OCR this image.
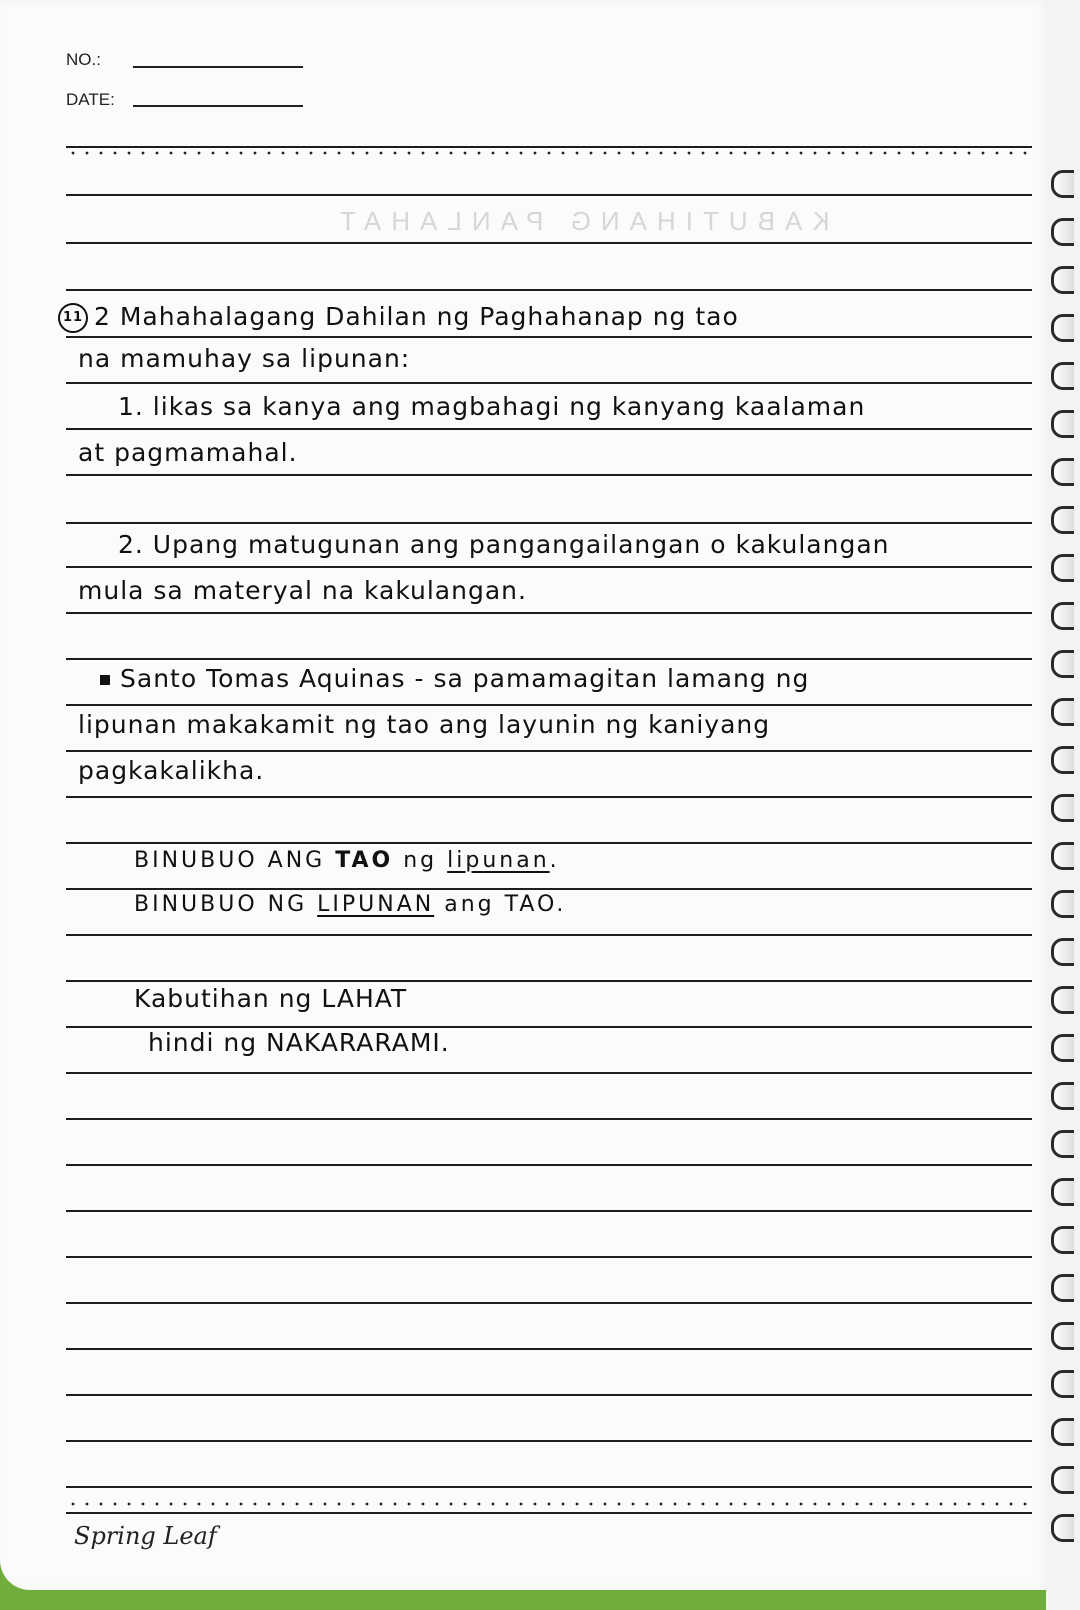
NO.:
DATE:
KABUTIHANG PANLAHAT
11 2 Mahahalagang Dahilan ng Paghahanap ng tao
na mamuhay sa lipunan:
1. likas sa kanya ang magbahagi ng kanyang kaalaman
at pagmamahal.
2. Upang matugunan ang pangangailangan o kakulangan
mula sa materyal na kakulangan.
Santo Tomas Aquinas - sa pamamagitan lamang ng
lipunan makakamit ng tao ang layunin ng kaniyang
pagkakalikha.
BINUBUO ANG TAO ng lipunan.
BINUBUO NG LIPUNAN ang TAO.
Kabutihan ng LAHAT
hindi ng NAKARARAMI.
Spring Leaf
